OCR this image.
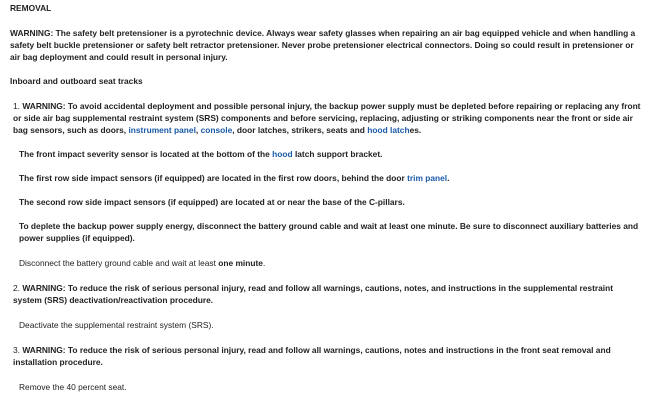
REMOVAL

WARNING: The safety belt pretensioner is a pyrotechnic device. Always wear safety glasses when repairing an air bag equipped vehicle and when handling a safety belt buckle pretensioner or safety belt retractor pretensioner. Never probe pretensioner electrical connectors. Doing so could result in pretensioner or air bag deployment and could result in personal injury.

Inboard and outboard seat tracks

1. WARNING: To avoid accidental deployment and possible personal injury, the backup power supply must be depleted before repairing or replacing any front or side air bag supplemental restraint system (SRS) components and before servicing, replacing, adjusting or striking components near the front or side air bag sensors, such as doors, instrument panel, console, door latches, strikers, seats and hood latches.

The front impact severity sensor is located at the bottom of the hood latch support bracket.

The first row side impact sensors (if equipped) are located in the first row doors, behind the door trim panel.

The second row side impact sensors (if equipped) are located at or near the base of the C-pillars.

To deplete the backup power supply energy, disconnect the battery ground cable and wait at least one minute. Be sure to disconnect auxiliary batteries and power supplies (if equipped).

Disconnect the battery ground cable and wait at least one minute.

2. WARNING: To reduce the risk of serious personal injury, read and follow all warnings, cautions, notes, and instructions in the supplemental restraint system (SRS) deactivation/reactivation procedure.

Deactivate the supplemental restraint system (SRS).

3. WARNING: To reduce the risk of serious personal injury, read and follow all warnings, cautions, notes and instructions in the front seat removal and installation procedure.

Remove the 40 percent seat.
